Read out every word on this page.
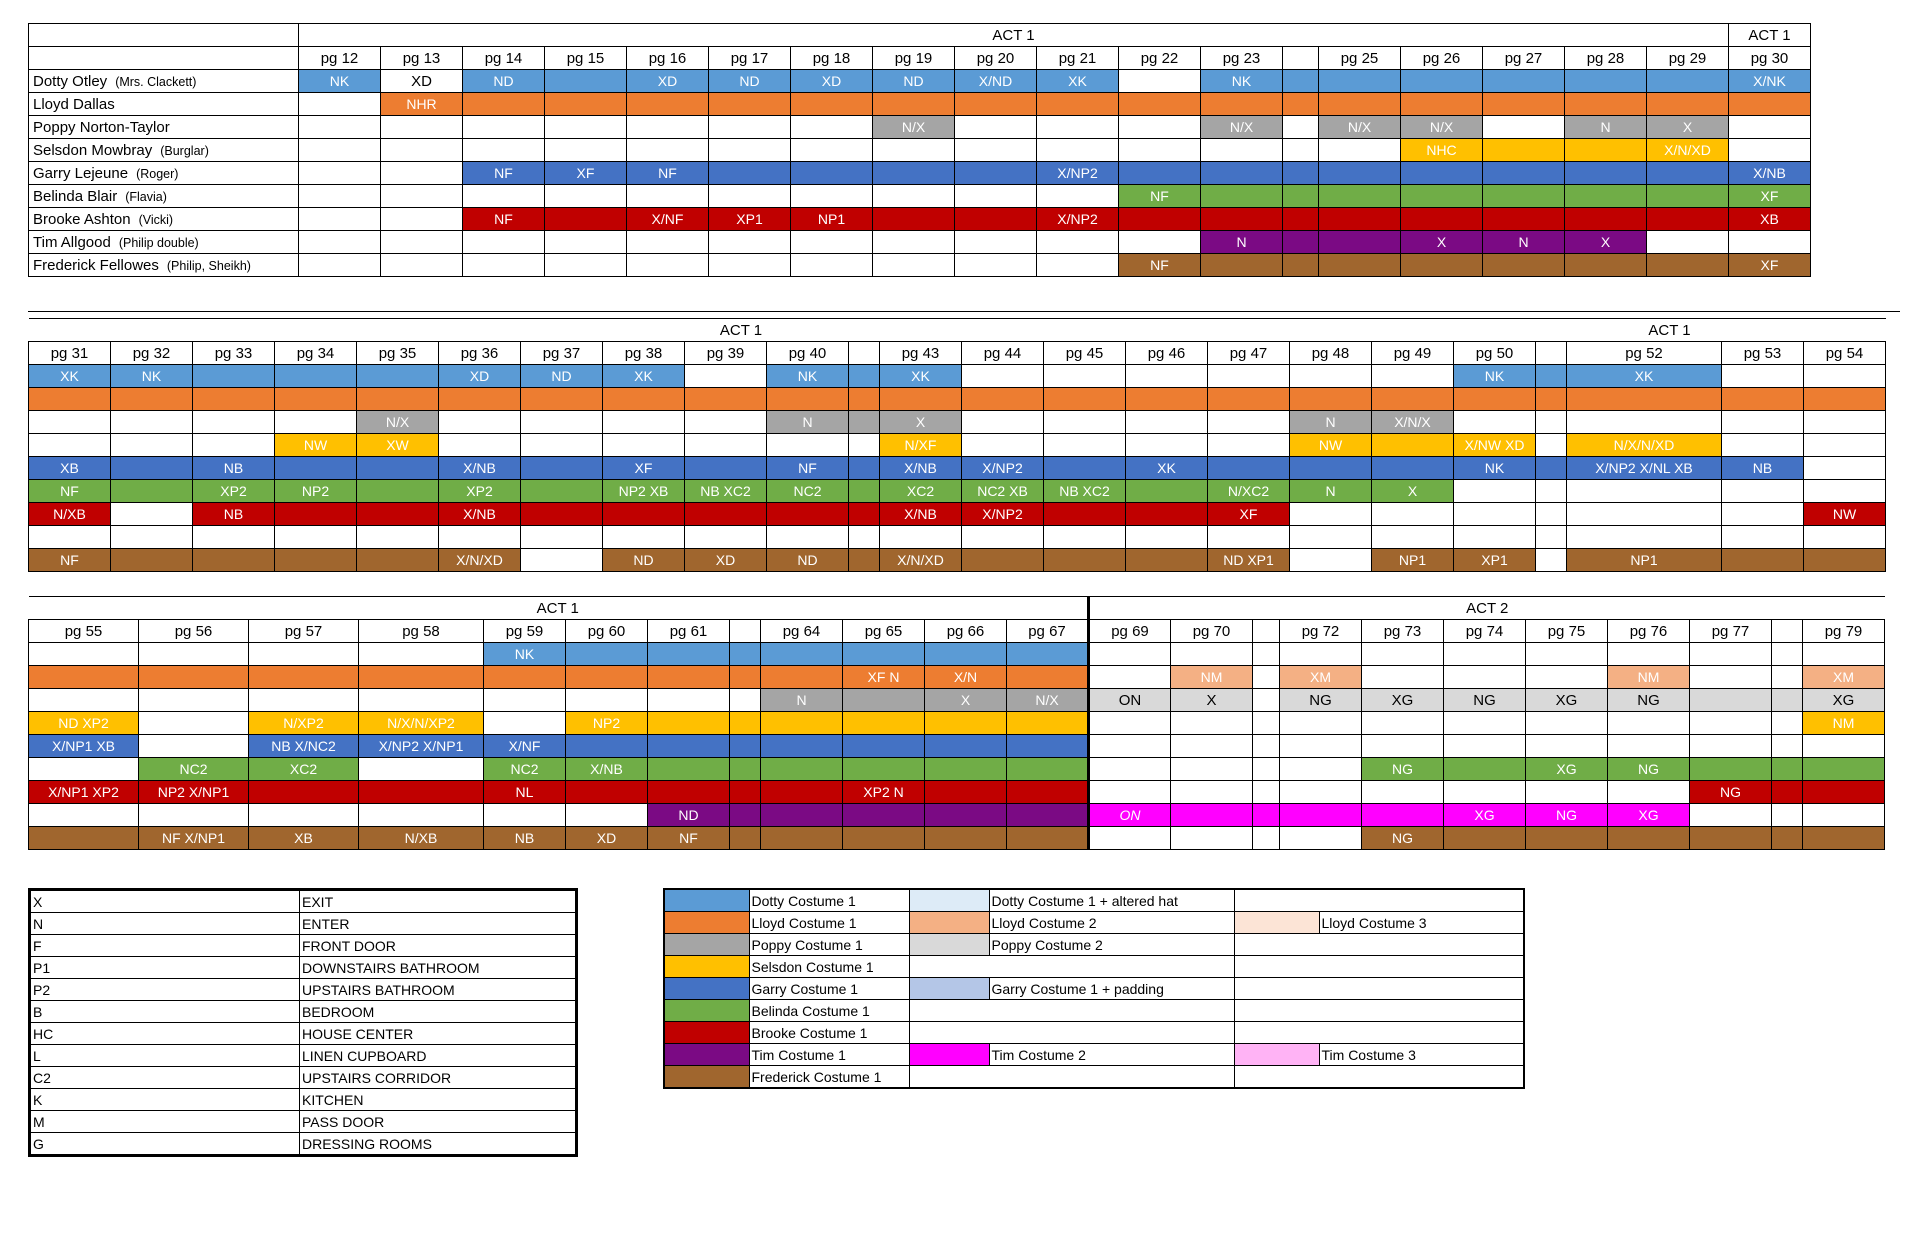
	ACT 1																		ACT 1
	pg 12	pg 13	pg 14	pg 15	pg 16	pg 17	pg 18	pg 19	pg 20	pg 21	pg 22	pg 23		pg 25	pg 26	pg 27	pg 28	pg 29	pg 30
Dotty Otley (Mrs. Clackett)	NK	XD	ND		XD	ND	XD	ND	X/ND	XK		NK							X/NK
Lloyd Dallas		NHR																	
Poppy Norton-Taylor								N/X				N/X		N/X	N/X		N	X	
Selsdon Mowbray (Burglar)															NHC			X/N/XD	
Garry Lejeune (Roger)			NF	XF	NF					X/NP2									X/NB
Belinda Blair (Flavia)											NF								XF
Brooke Ashton (Vicki)			NF		X/NF	XP1	NP1			X/NP2									XB
Tim Allgood (Philip double)												N			X	N	X		
Frederick Fellowes (Philip, Sheikh)											NF								XF
ACT 1																		ACT 1				
pg 31	pg 32	pg 33	pg 34	pg 35	pg 36	pg 37	pg 38	pg 39	pg 40		pg 43	pg 44	pg 45	pg 46	pg 47	pg 48	pg 49	pg 50		pg 52	pg 53	pg 54
XK	NK				XD	ND	XK		NK		XK							NK		XK		

				N/X					N		X					N	X/N/X					
			NW	XW							N/XF					NW		X/NW XD		N/X/N/XD		
XB		NB			X/NB		XF		NF		X/NB	X/NP2		XK				NK		X/NP2 X/NL XB	NB	
NF		XP2	NP2		XP2		NP2 XB	NB XC2	NC2		XC2	NC2 XB	NB XC2		N/XC2	N	X					
N/XB		NB			X/NB						X/NB	X/NP2			XF							NW

NF					X/N/XD		ND	XD	ND		X/N/XD				ND XP1		NP1	XP1		NP1		
ACT 1												ACT 2										
pg 55	pg 56	pg 57	pg 58	pg 59	pg 60	pg 61		pg 64	pg 65	pg 66	pg 67	pg 69	pg 70		pg 72	pg 73	pg 74	pg 75	pg 76	pg 77		pg 79
				NK																		
									XF N	X/N			NM		XM				NM			XM
								N		X	N/X	ON	X		NG	XG	NG	XG	NG			XG
ND XP2		N/XP2	N/X/N/XP2		NP2																	NM
X/NP1 XB		NB X/NC2	X/NP2 X/NP1	X/NF																		
	NC2	XC2		NC2	X/NB											NG		XG	NG			
X/NP1 XP2	NP2 X/NP1			NL					XP2 N											NG		
						ND						ON					XG	NG	XG			
	NF X/NP1	XB	N/XB	NB	XD	NF										NG						
X	EXIT
N	ENTER
F	FRONT DOOR
P1	DOWNSTAIRS BATHROOM
P2	UPSTAIRS BATHROOM
B	BEDROOM
HC	HOUSE CENTER
L	LINEN CUPBOARD
C2	UPSTAIRS CORRIDOR
K	KITCHEN
M	PASS DOOR
G	DRESSING ROOMS
	Dotty Costume 1		Dotty Costume 1 + altered hat		
	Lloyd Costume 1		Lloyd Costume 2		Lloyd Costume 3
	Poppy Costume 1		Poppy Costume 2		
	Selsdon Costume 1				
	Garry Costume 1		Garry Costume 1 + padding		
	Belinda Costume 1				
	Brooke Costume 1				
	Tim Costume 1		Tim Costume 2		Tim Costume 3
	Frederick Costume 1				
